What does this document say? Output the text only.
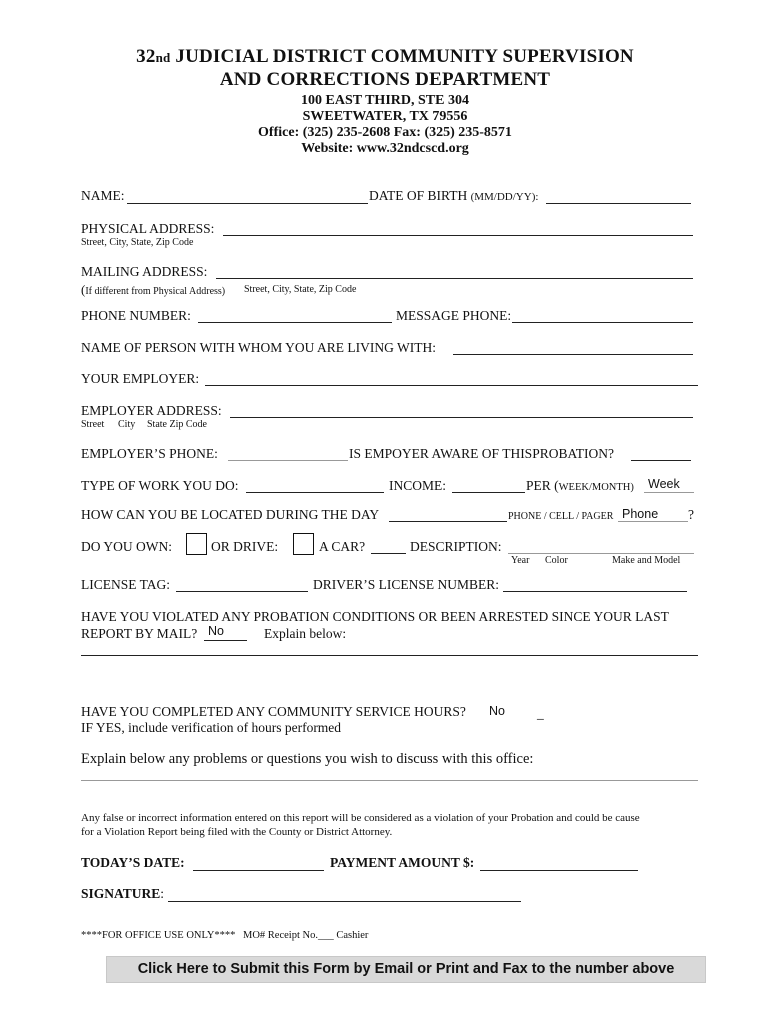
32nd JUDICIAL DISTRICT COMMUNITY SUPERVISION
AND CORRECTIONS DEPARTMENT
100 EAST THIRD, STE 304
SWEETWATER, TX 79556
Office: (325) 235-2608 Fax: (325) 235-8571
Website: www.32ndcscd.org
NAME:	DATE OF BIRTH (MM/DD/YY):
PHYSICAL ADDRESS:
Street, City, State, Zip Code
MAILING ADDRESS:
(If different from Physical Address) Street, City, State, Zip Code
PHONE NUMBER:	MESSAGE PHONE:
NAME OF PERSON WITH WHOM YOU ARE LIVING WITH:
YOUR EMPLOYER:
EMPLOYER ADDRESS:
Street City State Zip Code
EMPLOYER’S PHONE:	IS EMPOYER AWARE OF THISPROBATION?
TYPE OF WORK YOU DO:	INCOME:	PER (WEEK/MONTH) Week
HOW CAN YOU BE LOCATED DURING THE DAY	PHONE / CELL / PAGER Phone ?
DO YOU OWN:	OR DRIVE:	A CAR?	DESCRIPTION:
Year Color	Make and Model
LICENSE TAG:	DRIVER’S LICENSE NUMBER:
HAVE YOU VIOLATED ANY PROBATION CONDITIONS OR BEEN ARRESTED SINCE YOUR LAST
REPORT BY MAIL? No	Explain below:
HAVE YOU COMPLETED ANY COMMUNITY SERVICE HOURS? No _
IF YES, include verification of hours performed
Explain below any problems or questions you wish to discuss with this office:
Any false or incorrect information entered on this report will be considered as a violation of your Probation and could be cause
for a Violation Report being filed with the County or District Attorney.
TODAY’S DATE:	PAYMENT AMOUNT $:
SIGNATURE:
****FOR OFFICE USE ONLY**** MO# Receipt No.___ Cashier
Click Here to Submit this Form by Email or Print and Fax to the number above
